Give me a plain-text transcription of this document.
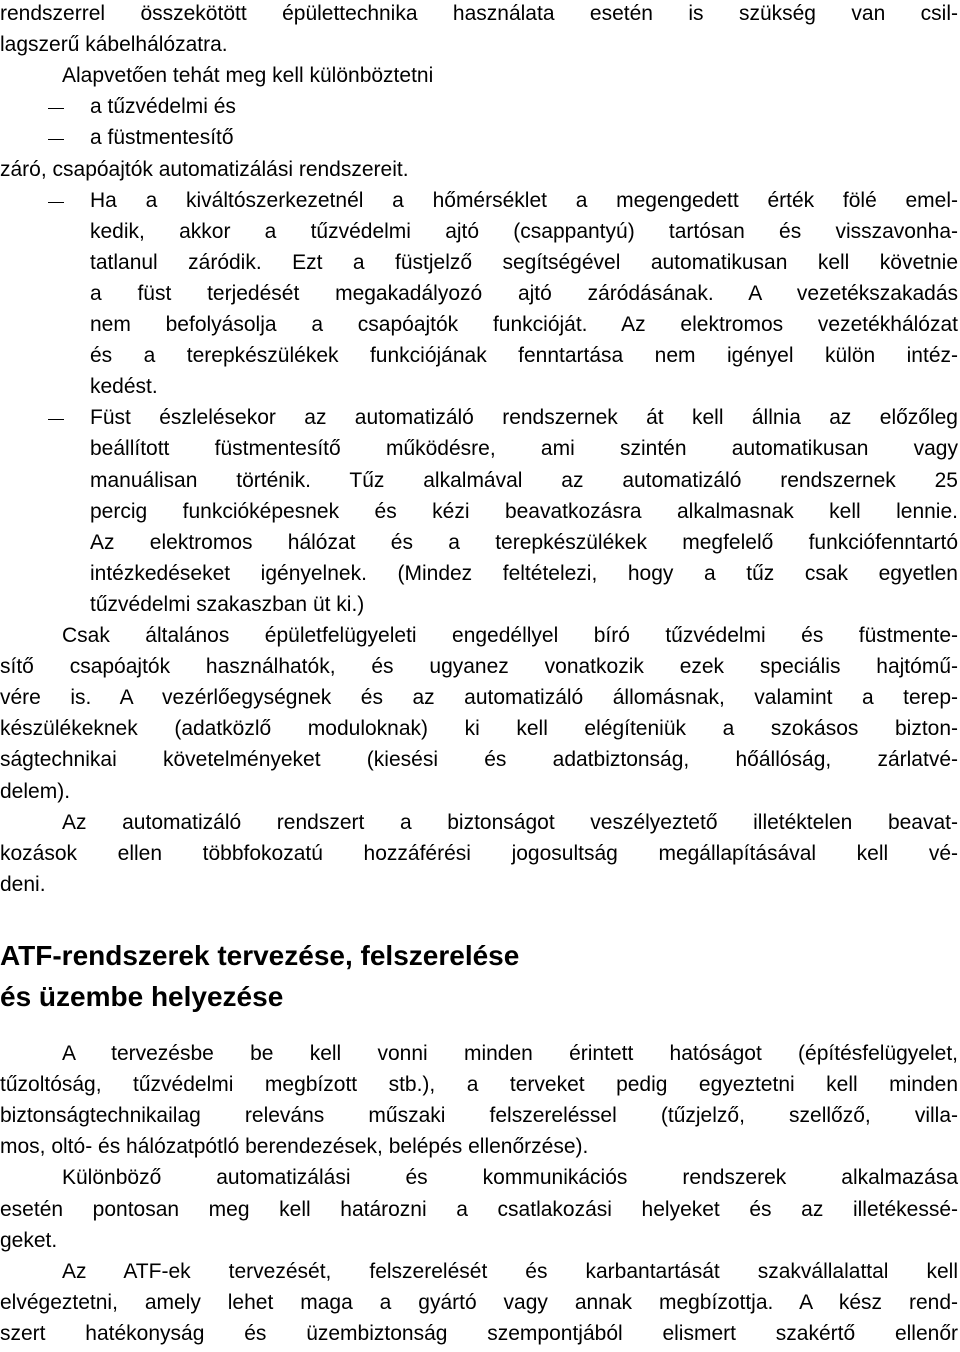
rendszerrel összekötött épülettechnika használata esetén is szükség van csil-
lagszerű kábelhálózatra.
Alapvetően tehát meg kell különböztetni
a tűzvédelmi és
a füstmentesítő
záró, csapóajtók automatizálási rendszereit.
Ha a kiváltószerkezetnél a hőmérséklet a megengedett érték fölé emel-
kedik, akkor a tűzvédelmi ajtó (csappantyú) tartósan és visszavonha-
tatlanul záródik. Ezt a füstjelző segítségével automatikusan kell követnie
a füst terjedését megakadályozó ajtó záródásának. A vezetékszakadás
nem befolyásolja a csapóajtók funkcióját. Az elektromos vezetékhálózat
és a terepkészülékek funkciójának fenntartása nem igényel külön intéz-
kedést.
Füst észlelésekor az automatizáló rendszernek át kell állnia az előzőleg
beállított füstmentesítő működésre, ami szintén automatikusan vagy
manuálisan történik. Tűz alkalmával az automatizáló rendszernek 25
percig funkcióképesnek és kézi beavatkozásra alkalmasnak kell lennie.
Az elektromos hálózat és a terepkészülékek megfelelő funkciófenntartó
intézkedéseket igényelnek. (Mindez feltételezi, hogy a tűz csak egyetlen
tűzvédelmi szakaszban üt ki.)
Csak általános épületfelügyeleti engedéllyel bíró tűzvédelmi és füstmente-
sítő csapóajtók használhatók, és ugyanez vonatkozik ezek speciális hajtómű-
vére is. A vezérlőegységnek és az automatizáló állomásnak, valamint a terep-
készülékeknek (adatközlő moduloknak) ki kell elégíteniük a szokásos bizton-
ságtechnikai követelményeket (kiesési és adatbiztonság, hőállóság, zárlatvé-
delem).
Az automatizáló rendszert a biztonságot veszélyeztető illetéktelen beavat-
kozások ellen többfokozatú hozzáférési jogosultság megállapításával kell vé-
deni.
ATF-rendszerek tervezése, felszerelése
és üzembe helyezése
A tervezésbe be kell vonni minden érintett hatóságot (építésfelügyelet,
tűzoltóság, tűzvédelmi megbízott stb.), a terveket pedig egyeztetni kell minden
biztonságtechnikailag releváns műszaki felszereléssel (tűzjelző, szellőző, villa-
mos, oltó- és hálózatpótló berendezések, belépés ellenőrzése).
Különböző automatizálási és kommunikációs rendszerek alkalmazása
esetén pontosan meg kell határozni a csatlakozási helyeket és az illetékessé-
geket.
Az ATF-ek tervezését, felszerelését és karbantartását szakvállalattal kell
elvégeztetni, amely lehet maga a gyártó vagy annak megbízottja. A kész rend-
szert hatékonyság és üzembiztonság szempontjából elismert szakértő ellenőr
